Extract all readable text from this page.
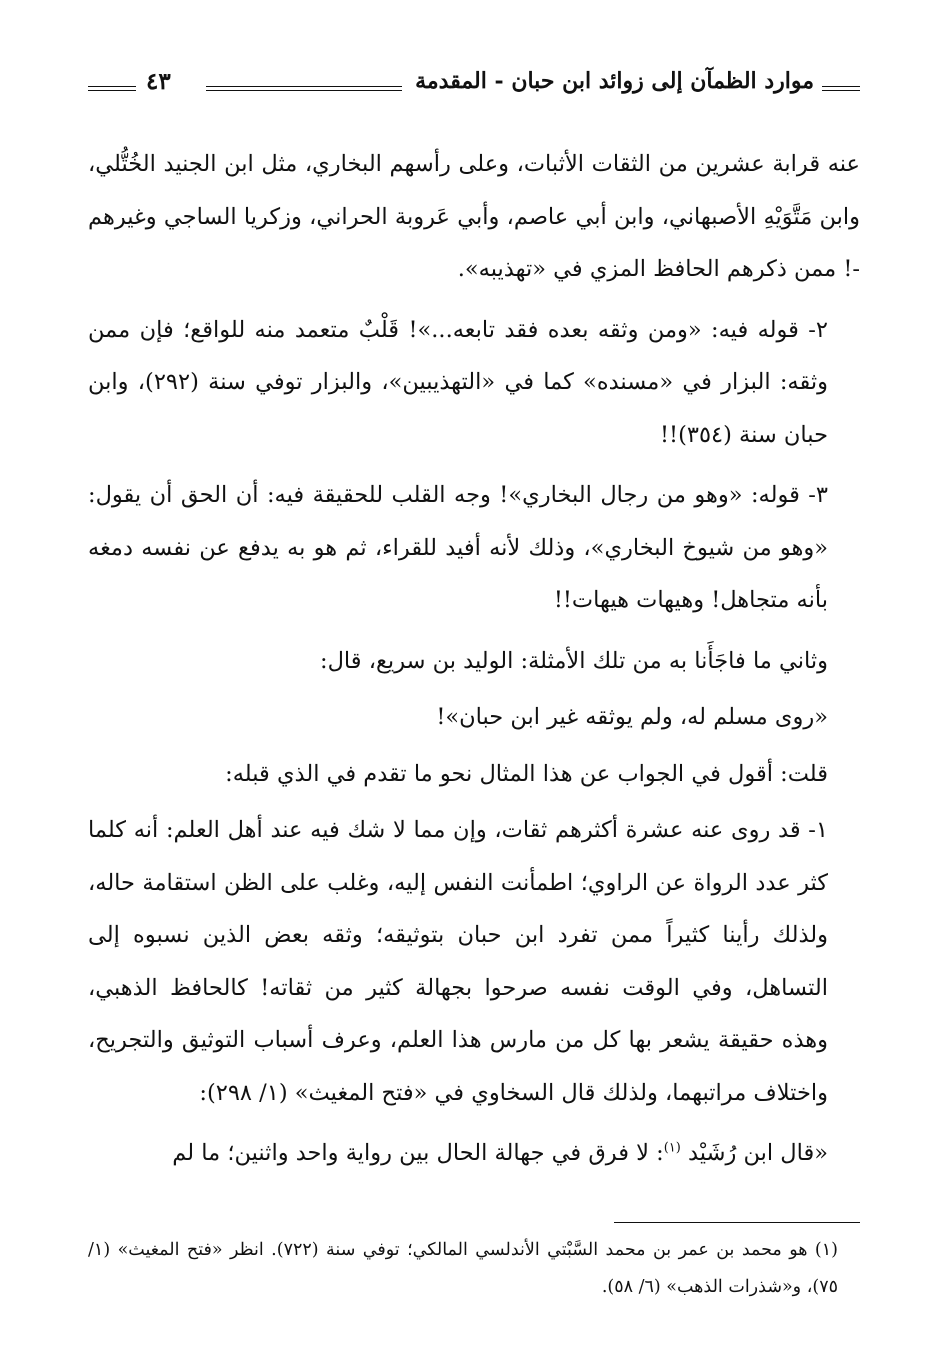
موارد الظمآن إلى زوائد ابن حبان - المقدمة
٤٣

عنه قرابة عشرين من الثقات الأثبات، وعلى رأسهم البخاري، مثل ابن الجنيد الخُتُّلي، وابن مَتَّوَيْهِ الأصبهاني، وابن أبي عاصم، وأبي عَروبة الحراني، وزكريا الساجي وغيرهم -! ممن ذكرهم الحافظ المزي في «تهذيبه».

٢- قوله فيه: «ومن وثقه بعده فقد تابعه...»! قَلْبٌ متعمد منه للواقع؛ فإن ممن وثقه: البزار في «مسنده» كما في «التهذيبين»، والبزار توفي سنة (٢٩٢)، وابن حبان سنة (٣٥٤)!!

٣- قوله: «وهو من رجال البخاري»! وجه القلب للحقيقة فيه: أن الحق أن يقول: «وهو من شيوخ البخاري»، وذلك لأنه أفيد للقراء، ثم هو به يدفع عن نفسه دمغه بأنه متجاهل! وهيهات هيهات!!

وثاني ما فاجَأَنا به من تلك الأمثلة: الوليد بن سريع، قال:

«روى مسلم له، ولم يوثقه غير ابن حبان»!

قلت: أقول في الجواب عن هذا المثال نحو ما تقدم في الذي قبله:

١- قد روى عنه عشرة أكثرهم ثقات، وإن مما لا شك فيه عند أهل العلم: أنه كلما كثر عدد الرواة عن الراوي؛ اطمأنت النفس إليه، وغلب على الظن استقامة حاله، ولذلك رأينا كثيراً ممن تفرد ابن حبان بتوثيقه؛ وثقه بعض الذين نسبوه إلى التساهل، وفي الوقت نفسه صرحوا بجهالة كثير من ثقاته! كالحافظ الذهبي، وهذه حقيقة يشعر بها كل من مارس هذا العلم، وعرف أسباب التوثيق والتجريح، واختلاف مراتبهما، ولذلك قال السخاوي في «فتح المغيث» (١/ ٢٩٨):

«قال ابن رُشَيْد $^{(١)}$: لا فرق في جهالة الحال بين رواية واحد واثنين؛ ما لم

(١) هو محمد بن عمر بن محمد السَّبْتي الأندلسي المالكي؛ توفي سنة (٧٢٢). انظر «فتح المغيث» (١/ ٧٥)، و«شذرات الذهب» (٦/ ٥٨).
